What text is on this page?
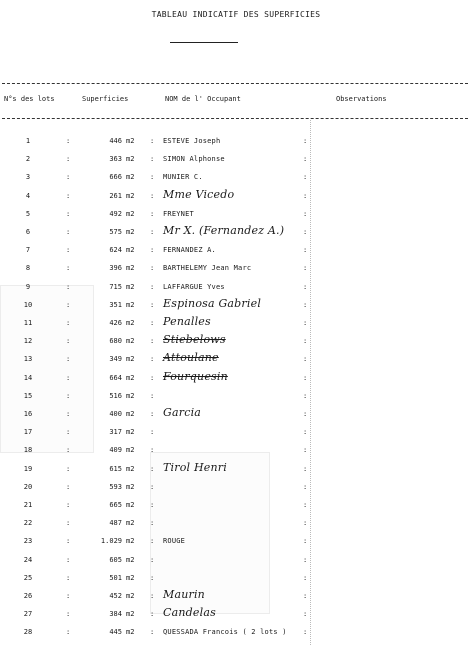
TABLEAU INDICATIF DES SUPERFICIES
N°s des lots	Superficies	NOM de l' Occupant	Observations
1	:	446 m2 : ESTEVE Joseph	:
2	:	363 m2 : SIMON Alphonse	:
3	:	666 m2 : MUNIER C.	:
4	:	261 m2 : Mme Vicedo	:
5	:	492 m2 : FREYNET	:
6	:	575 m2 : Mr X. (Fernandez A.)	:
7	:	624 m2 : FERNANDEZ A.	:
8	:	396 m2 : BARTHELEMY Jean Marc	:
9	:	715 m2 : LAFFARGUE Yves	:
10	:	351 m2 : Espinosa Gabriel	:
11	:	426 m2 : Penalles	:
12	:	680 m2 : Stiebelows	:
13	:	349 m2 : Attoulane	:
14	:	664 m2 : Fourquesin	:
15	:	516 m2 :	:
16	:	400 m2 : Garcia	:
17	:	317 m2 :	:
18	:	409 m2 :	:
19	:	615 m2 : Tirol Henri	:
20	:	593 m2 :	:
21	:	665 m2 :	:
22	:	487 m2 :	:
23	:	1.029 m2 : ROUGE	:
24	:	605 m2 :	:
25	:	501 m2 :	:
26	:	452 m2 : Maurin	:
27	:	384 m2 : Candelas	:
28	:	445 m2 : QUESSADA Francois ( 2 lots ) :
